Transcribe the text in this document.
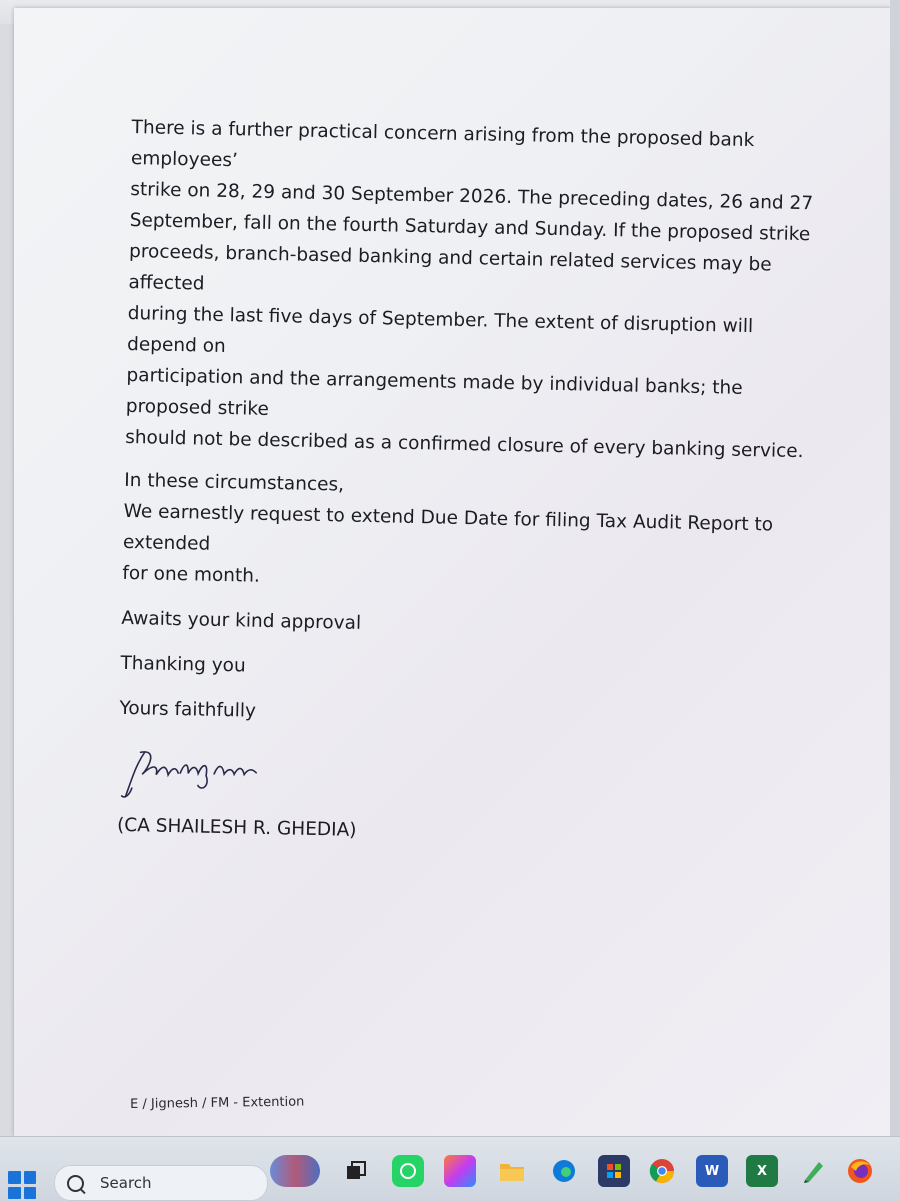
There is a further practical concern arising from the proposed bank employees’
strike on 28, 29 and 30 September 2026. The preceding dates, 26 and 27
September, fall on the fourth Saturday and Sunday. If the proposed strike
proceeds, branch-based banking and certain related services may be affected
during the last five days of September. The extent of disruption will depend on
participation and the arrangements made by individual banks; the proposed strike
should not be described as a confirmed closure of every banking service.

In these circumstances,

We earnestly request to extend Due Date for filing Tax Audit Report to extended
for one month.

Awaits your kind approval

Thanking you

Yours faithfully

(CA SHAILESH R. GHEDIA)

E / Jignesh / FM - Extention
Search
W	X
